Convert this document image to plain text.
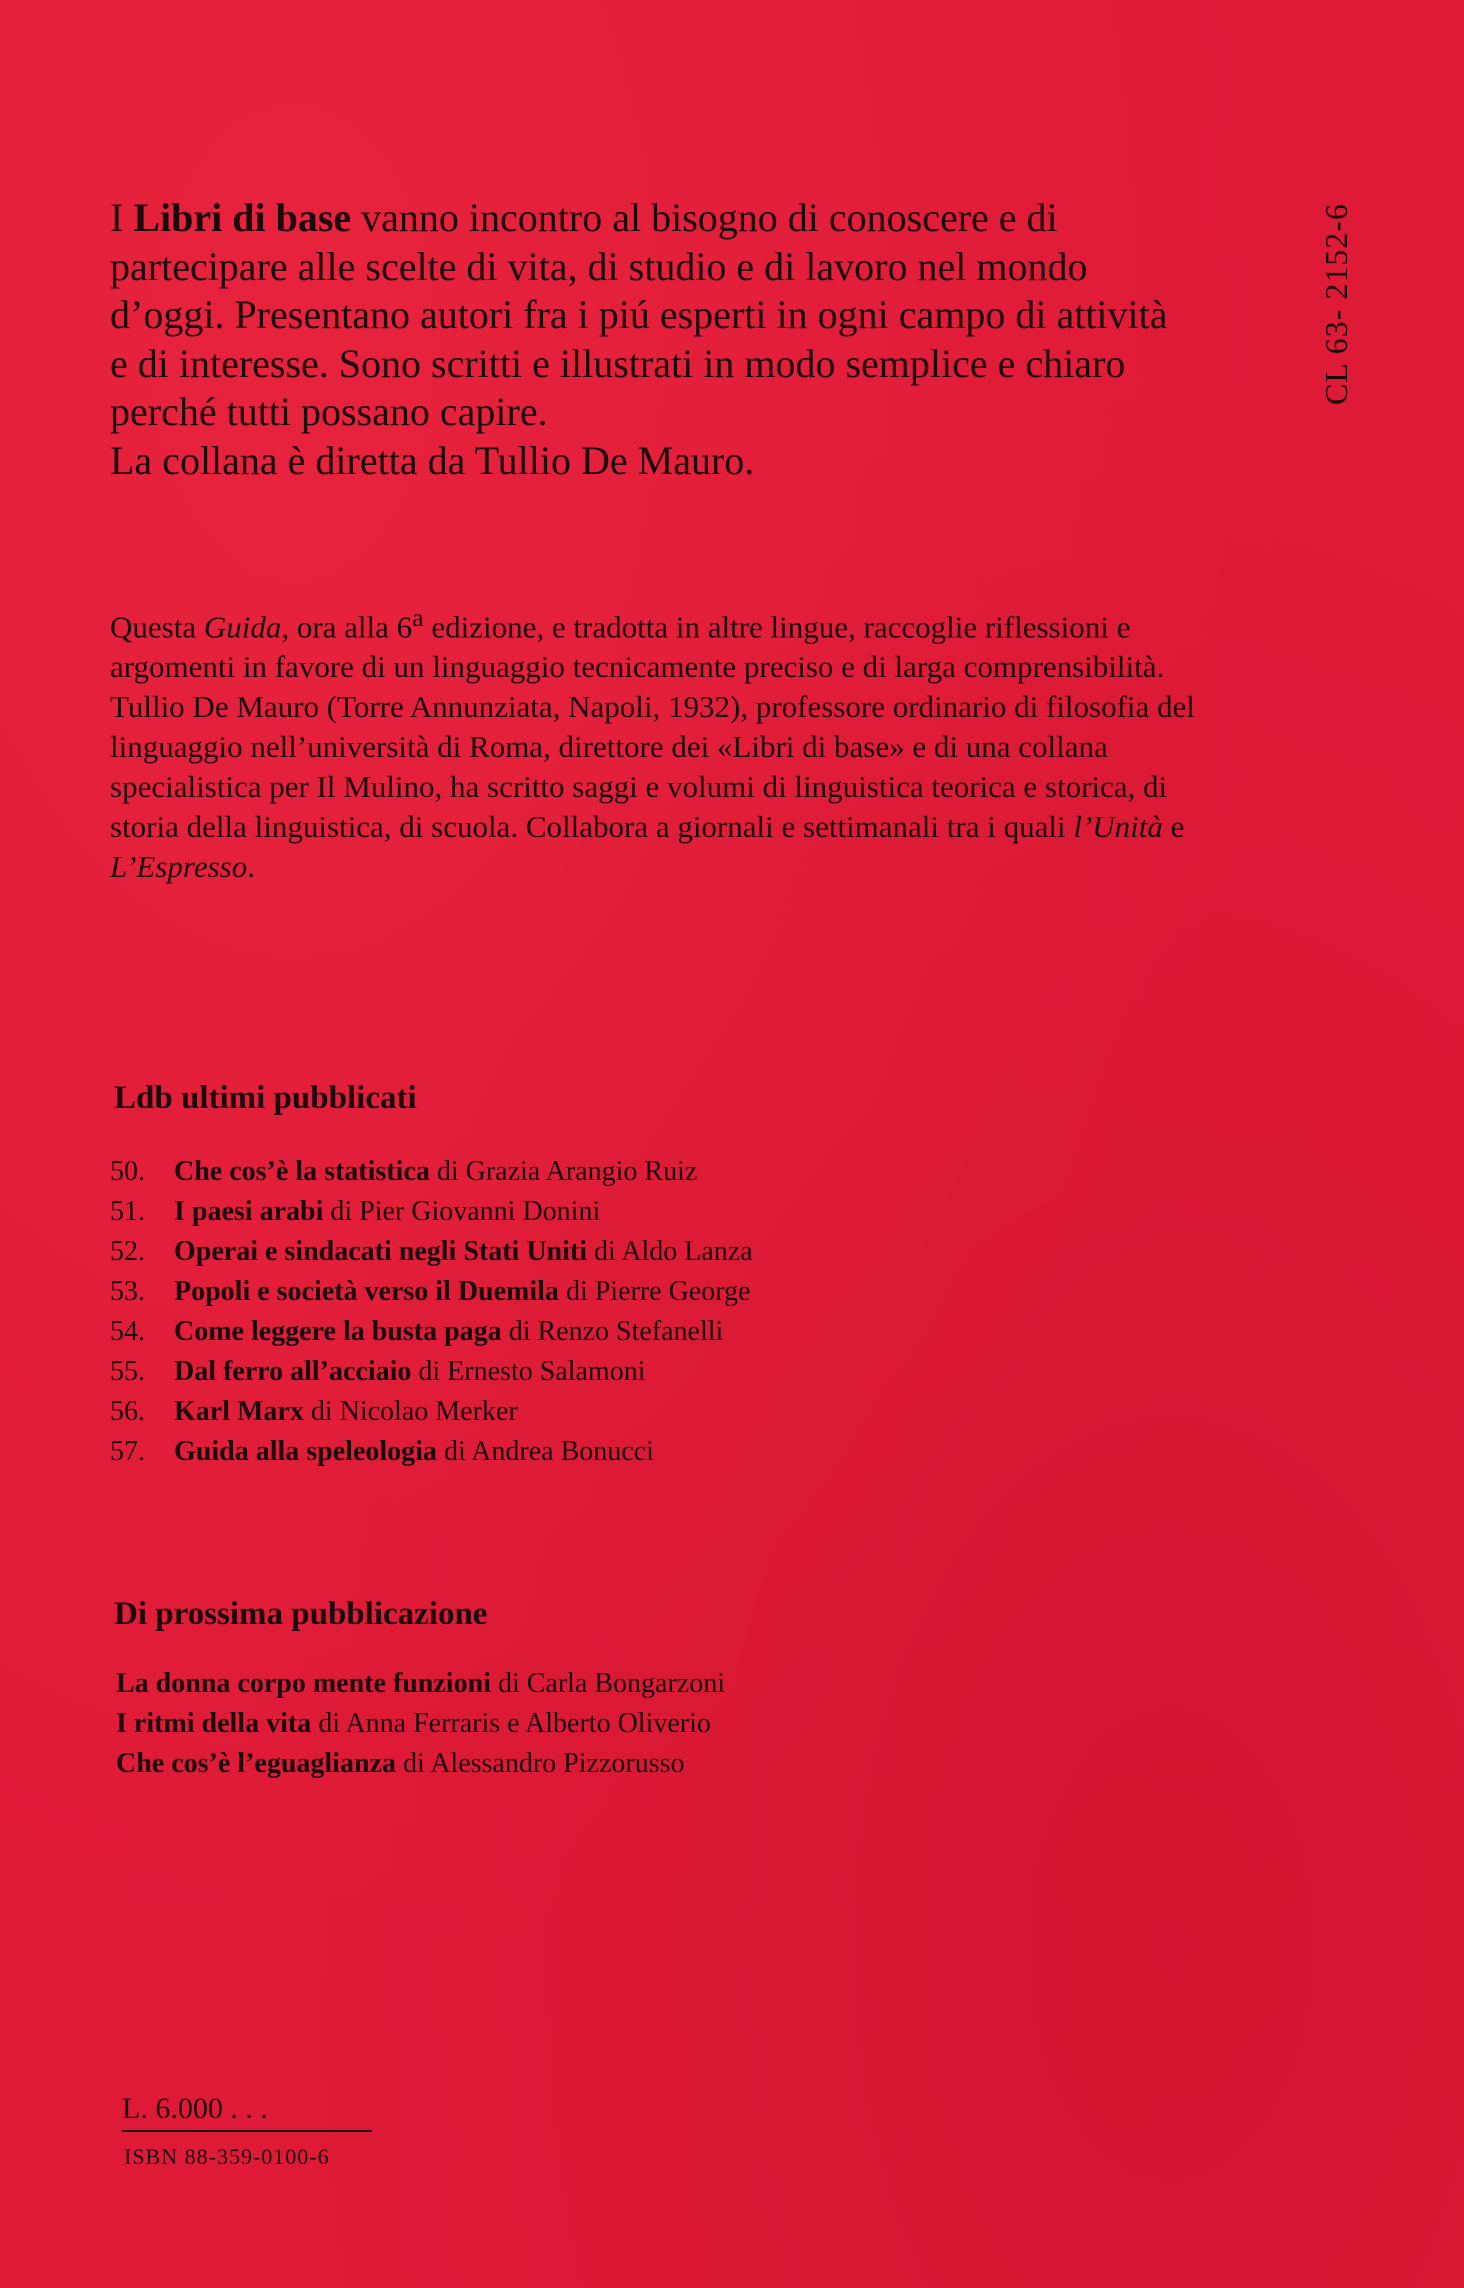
I Libri di base vanno incontro al bisogno di conoscere e di partecipare alle scelte di vita, di studio e di lavoro nel mondo d’oggi. Presentano autori fra i piú esperti in ogni campo di attività e di interesse. Sono scritti e illustrati in modo semplice e chiaro perché tutti possano capire.

La collana è diretta da Tullio De Mauro.

CL 63- 2152-6

Questa Guida, ora alla 6$^a$ edizione, e tradotta in altre lingue, raccoglie riflessioni e argomenti in favore di un linguaggio tecnicamente preciso e di larga comprensibilità. Tullio De Mauro (Torre Annunziata, Napoli, 1932), professore ordinario di filosofia del linguaggio nell’università di Roma, direttore dei «Libri di base» e di una collana specialistica per Il Mulino, ha scritto saggi e volumi di linguistica teorica e storica, di storia della linguistica, di scuola. Collabora a giornali e settimanali tra i quali l’Unità e L’Espresso.

Ldb ultimi pubblicati
50. Che cos’è la statistica di Grazia Arangio Ruiz
51. I paesi arabi di Pier Giovanni Donini
52. Operai e sindacati negli Stati Uniti di Aldo Lanza
53. Popoli e società verso il Duemila di Pierre George
54. Come leggere la busta paga di Renzo Stefanelli
55. Dal ferro all’acciaio di Ernesto Salamoni
56. Karl Marx di Nicolao Merker
57. Guida alla speleologia di Andrea Bonucci
Di prossima pubblicazione
La donna corpo mente funzioni di Carla Bongarzoni
I ritmi della vita di Anna Ferraris e Alberto Oliverio
Che cos’è l’eguaglianza di Alessandro Pizzorusso
L. 6.000 . . .
ISBN 88-359-0100-6
